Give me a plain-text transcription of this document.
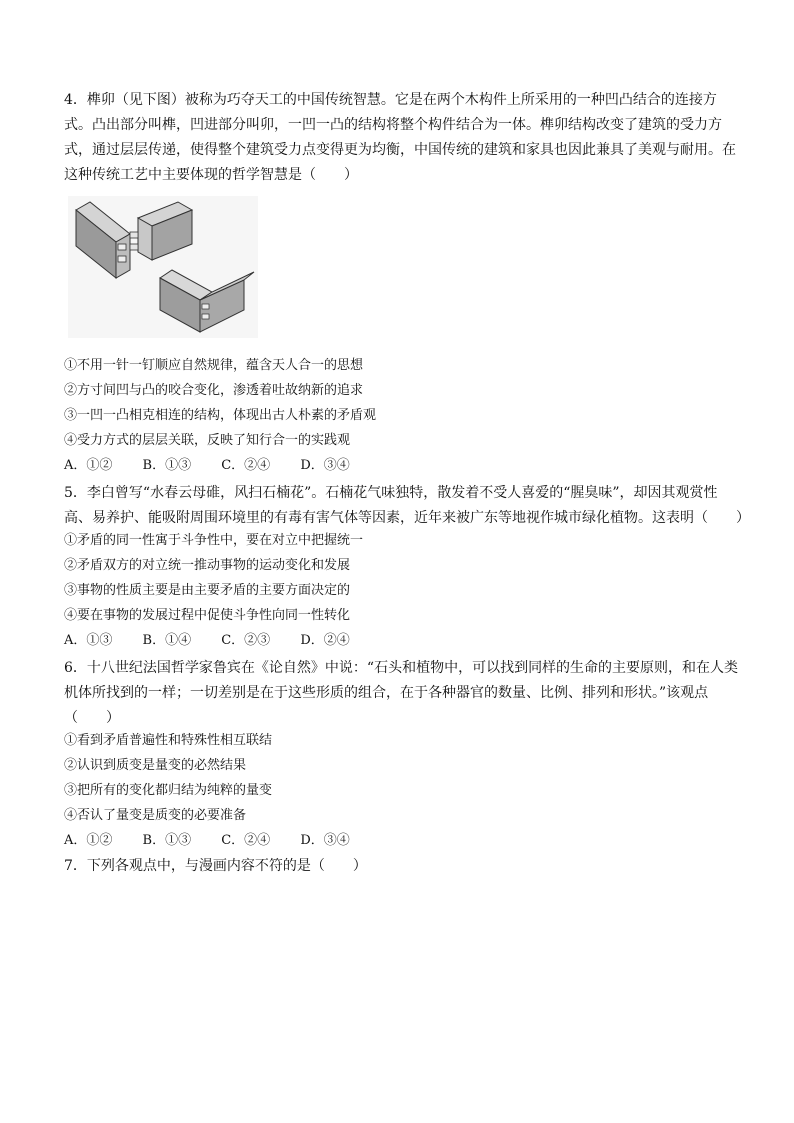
4．榫卯（见下图）被称为巧夺天工的中国传统智慧。它是在两个木构件上所采用的一种凹凸结合的连接方式。凸出部分叫榫，凹进部分叫卯，一凹一凸的结构将整个构件结合为一体。榫卯结构改变了建筑的受力方式，通过层层传递，使得整个建筑受力点变得更为均衡，中国传统的建筑和家具也因此兼具了美观与耐用。在这种传统工艺中主要体现的哲学智慧是（　　）

①不用一针一钉顺应自然规律，蕴含天人合一的思想
②方寸间凹与凸的咬合变化，渗透着吐故纳新的追求
③一凹一凸相克相连的结构，体现出古人朴素的矛盾观
④受力方式的层层关联，反映了知行合一的实践观
A．①② B．①③ C．②④ D．③④

5．李白曾写“水春云母碓，风扫石楠花”。石楠花气味独特，散发着不受人喜爱的“腥臭味”，却因其观赏性高、易养护、能吸附周围环境里的有毒有害气体等因素，近年来被广东等地视作城市绿化植物。这表明（　　）

①矛盾的同一性寓于斗争性中，要在对立中把握统一
②矛盾双方的对立统一推动事物的运动变化和发展
③事物的性质主要是由主要矛盾的主要方面决定的
④要在事物的发展过程中促使斗争性向同一性转化
A．①③ B．①④ C．②③ D．②④

6．十八世纪法国哲学家鲁宾在《论自然》中说：“石头和植物中，可以找到同样的生命的主要原则，和在人类机体所找到的一样；一切差别是在于这些形质的组合，在于各种器官的数量、比例、排列和形状。”该观点（　　）

①看到矛盾普遍性和特殊性相互联结
②认识到质变是量变的必然结果
③把所有的变化都归结为纯粹的量变
④否认了量变是质变的必要准备
A．①② B．①③ C．②④ D．③④

7．下列各观点中，与漫画内容不符的是（　　）
